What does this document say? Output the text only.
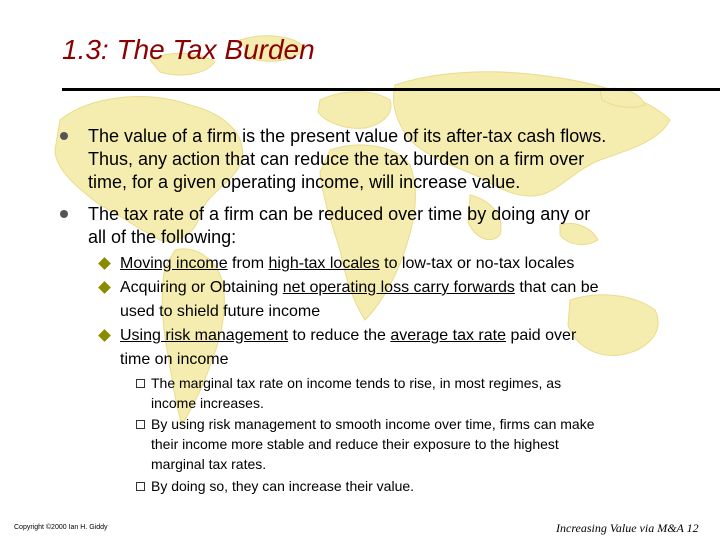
1.3: The Tax Burden
The value of a firm is the present value of its after-tax cash flows.
Thus, any action that can reduce the tax burden on a firm over
time, for a given operating income, will increase value.
The tax rate of a firm can be reduced over time by doing any or
all of the following:
Moving income from high-tax locales to low-tax or no-tax locales
Acquiring or Obtaining net operating loss carry forwards that can be
used to shield future income
Using risk management to reduce the average tax rate paid over
time on income
The marginal tax rate on income tends to rise, in most regimes, as
income increases.
By using risk management to smooth income over time, firms can make
their income more stable and reduce their exposure to the highest
marginal tax rates.
By doing so, they can increase their value.
Copyright ©2000 Ian H. Giddy	Increasing Value via M&A 12
